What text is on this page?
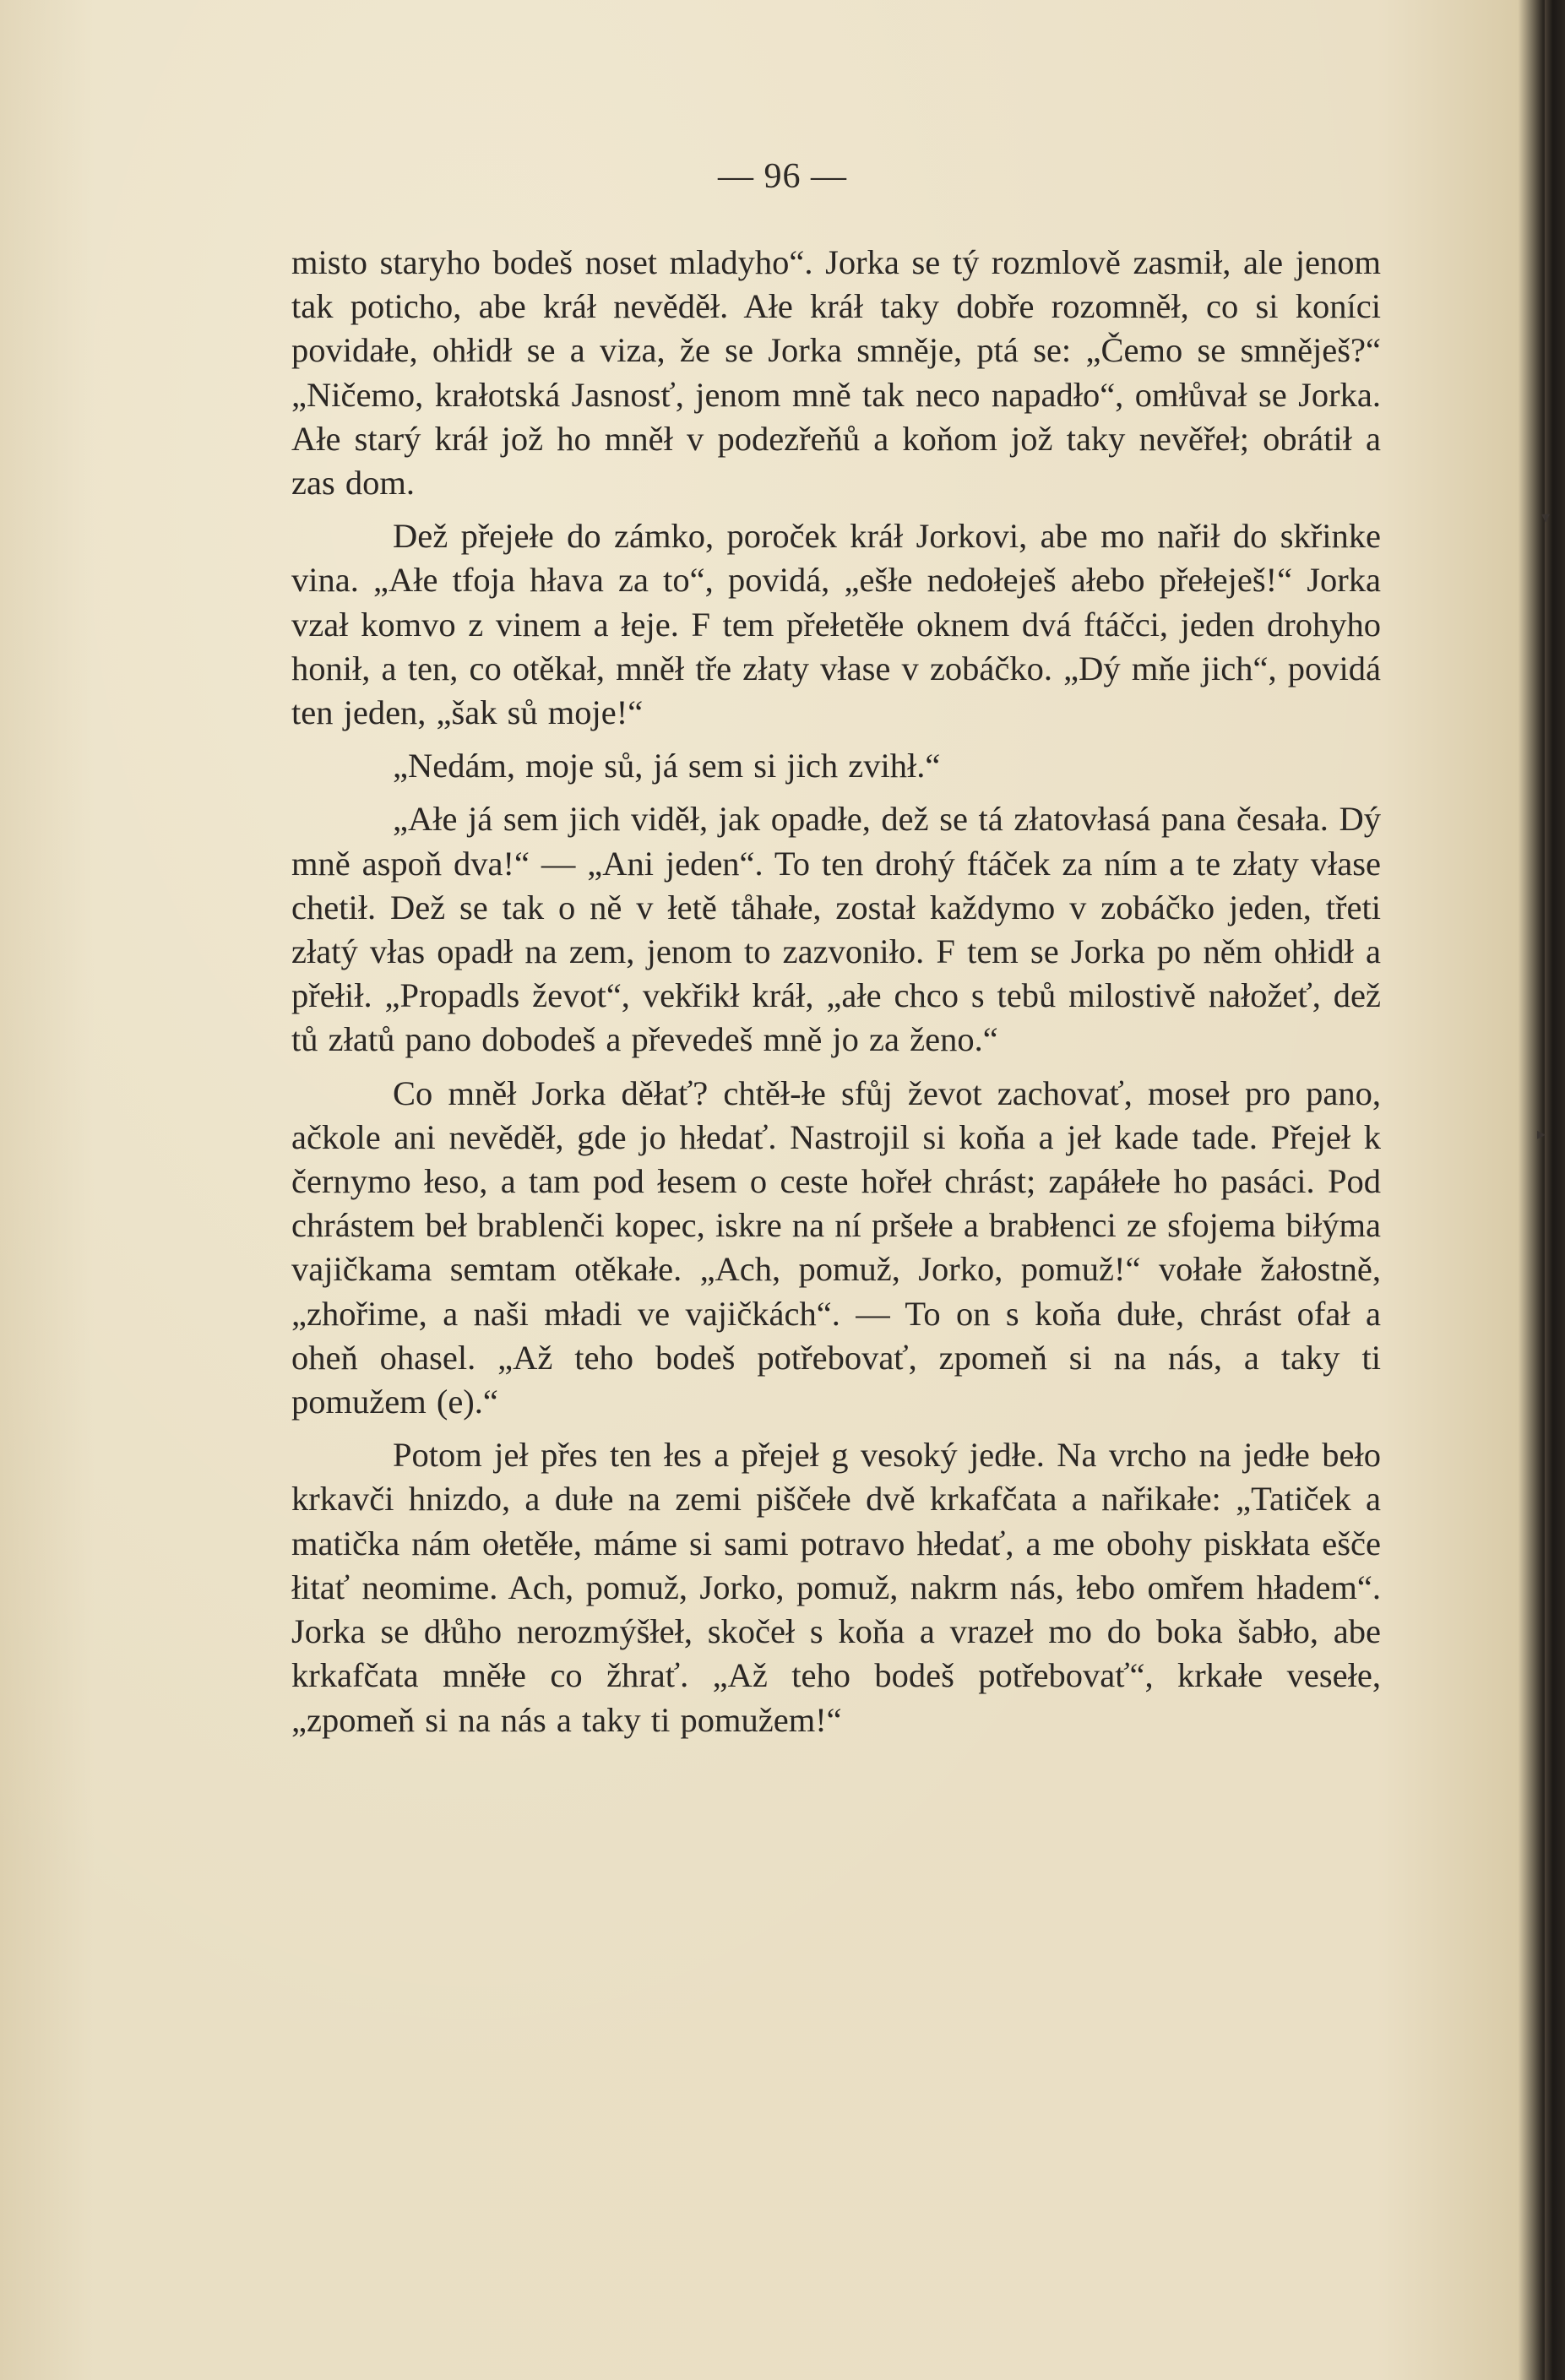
— 96 —

misto staryho bodeš noset mladyho“. Jorka se tý rozmlově zasmił, ale jenom tak poticho, abe kráł nevěděł. Ałe kráł taky dobře rozomněł, co si koníci povidałe, ohłidł se a viza, že se Jorka smněje, ptá se: „Čemo se smněješ?“ „Ničemo, krałotská Jasnosť, jenom mně tak neco napadło“, omłůvał se Jorka. Ałe starý kráł jož ho mněł v podezřeňů a koňom jož taky nevěřeł; obrátił a zas dom.

Dež přejełe do zámko, poroček kráł Jorkovi, abe mo nařił do skřinke vina. „Ałe tfoja hłava za to“, povidá, „ešłe nedołeješ ałebo přełeješ!“ Jorka vzał komvo z vinem a łeje. F tem přełetěłe oknem dvá ftáčci, jeden drohyho honił, a ten, co otěkał, mněł tře złaty vłase v zobáčko. „Dý mňe jich“, povidá ten jeden, „šak sů moje!“

„Nedám, moje sů, já sem si jich zvihł.“

„Ałe já sem jich viděł, jak opadłe, dež se tá złatovłasá pana česała. Dý mně aspoň dva!“ — „Ani jeden“. To ten drohý ftáček za ním a te złaty vłase chetił. Dež se tak o ně v łetě tåhałe, został každymo v zobáčko jeden, třeti złatý vłas opadł na zem, jenom to zazvoniło. F tem se Jorka po něm ohłidł a přełił. „Propadls ževot“, vekřikł kráł, „ałe chco s tebů milostivě nałožeť, dež tů złatů pano dobodeš a převedeš mně jo za ženo.“

Co mněł Jorka děłať? chtěł-łe sfůj ževot zachovať, moseł pro pano, ačkole ani nevěděł, gde jo hłedať. Nastrojil si koňa a jeł kade tade. Přejeł k černymo łeso, a tam pod łesem o ceste hořeł chrást; zapáłełe ho pasáci. Pod chrástem beł brablenči kopec, iskre na ní pršełe a brabłenci ze sfojema biłýma vajičkama semtam otěkałe. „Ach, pomuž, Jorko, pomuž!“ vołałe žałostně, „zhořime, a naši mładi ve vajičkách“. — To on s koňa dułe, chrást ofał a oheň ohasel. „Až teho bodeš potřebovať, zpomeň si na nás, a taky ti pomužem (e).“

Potom jeł přes ten łes a přejeł g vesoký jedłe. Na vrcho na jedłe beło krkavči hnizdo, a dułe na zemi piščełe dvě krkafčata a nařikałe: „Tatiček a matička nám ołetěłe, máme si sami potravo hłedať, a me obohy piskłata ešče łitať neomime. Ach, pomuž, Jorko, pomuž, nakrm nás, łebo omřem hładem“. Jorka se dłůho nerozmýšłeł, skočeł s koňa a vrazeł mo do boka šabło, abe krkafčata mněłe co žhrať. „Až teho bodeš potřebovať“, krkałe vesełe, „zpomeň si na nás a taky ti pomužem!“

▾
▸
